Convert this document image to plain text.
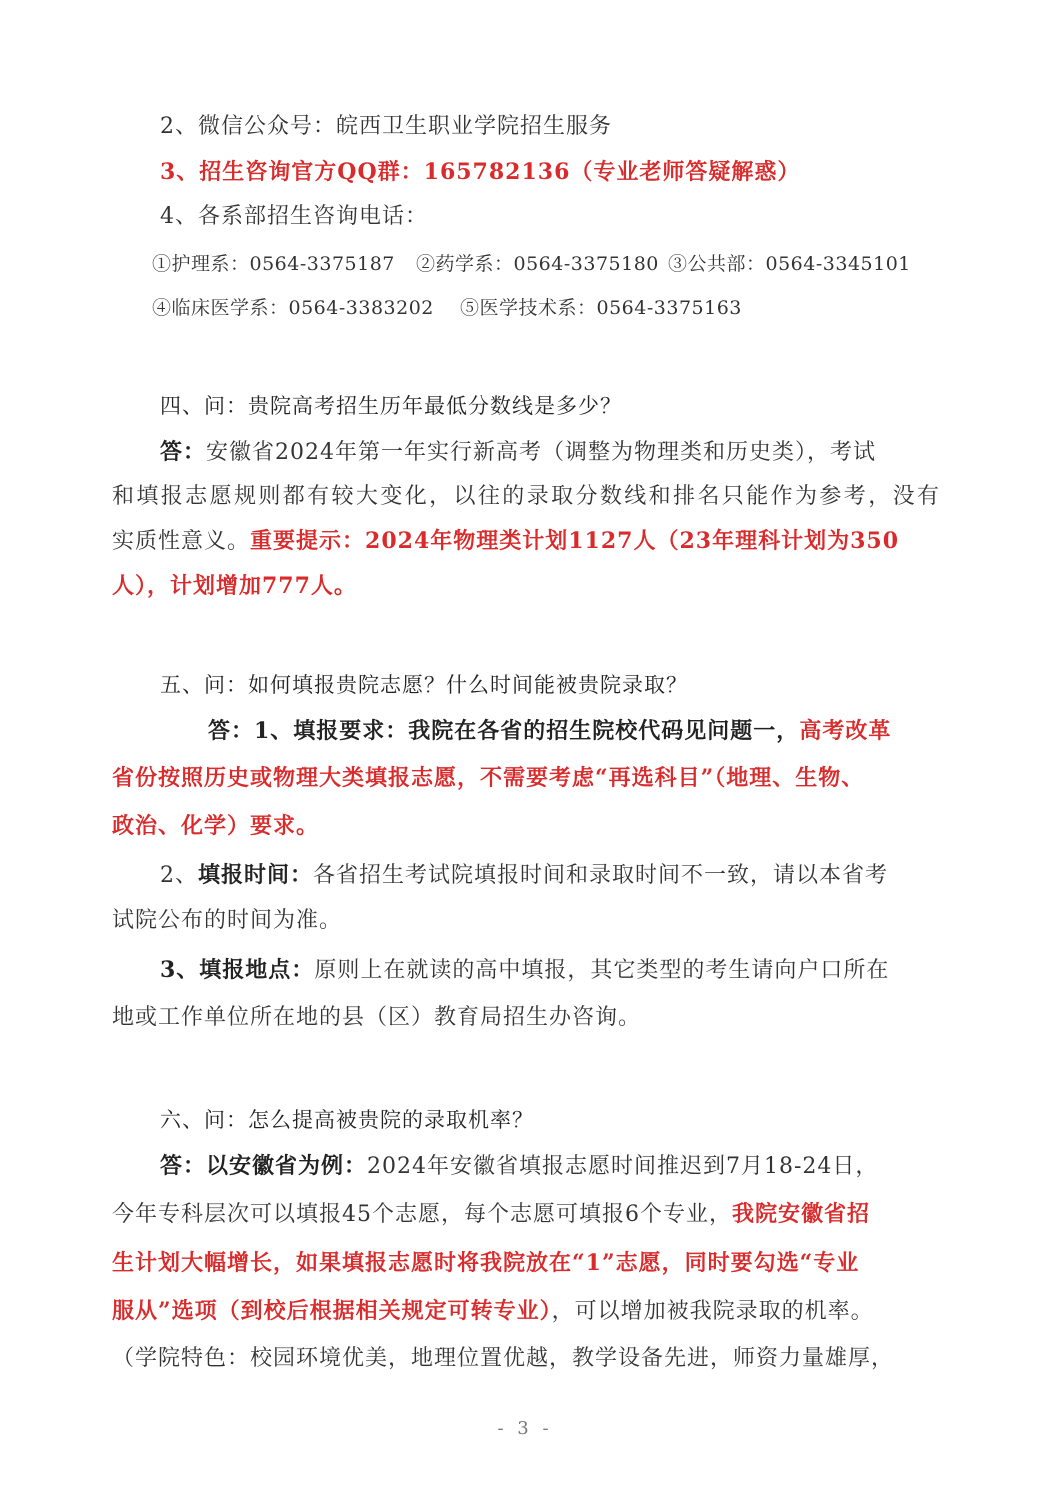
2、微信公众号：皖西卫生职业学院招生服务
3、招生咨询官方QQ群：165782136（专业老师答疑解惑）
4、各系部招生咨询电话：
①护理系：0564-3375187 ②药学系：0564-3375180 ③公共部：0564-3345101
④临床医学系：0564-3383202 ⑤医学技术系：0564-3375163
四、问：贵院高考招生历年最低分数线是多少？
答：安徽省2024年第一年实行新高考（调整为物理类和历史类），考试
和填报志愿规则都有较大变化，以往的录取分数线和排名只能作为参考，没有
实质性意义。重要提示：2024年物理类计划1127人（23年理科计划为350
人），计划增加777人。
五、问：如何填报贵院志愿？什么时间能被贵院录取？
答：1、填报要求：我院在各省的招生院校代码见问题一，高考改革
省份按照历史或物理大类填报志愿，不需要考虑“再选科目”（地理、生物、
政治、化学）要求。
2、填报时间：各省招生考试院填报时间和录取时间不一致，请以本省考
试院公布的时间为准。
3、填报地点：原则上在就读的高中填报，其它类型的考生请向户口所在
地或工作单位所在地的县（区）教育局招生办咨询。
六、问：怎么提高被贵院的录取机率？
答：以安徽省为例：2024年安徽省填报志愿时间推迟到7月18-24日，
今年专科层次可以填报45个志愿，每个志愿可填报6个专业，我院安徽省招
生计划大幅增长，如果填报志愿时将我院放在“1”志愿，同时要勾选“专业
服从”选项（到校后根据相关规定可转专业），可以增加被我院录取的机率。
（学院特色：校园环境优美，地理位置优越，教学设备先进，师资力量雄厚，
- 3 -
